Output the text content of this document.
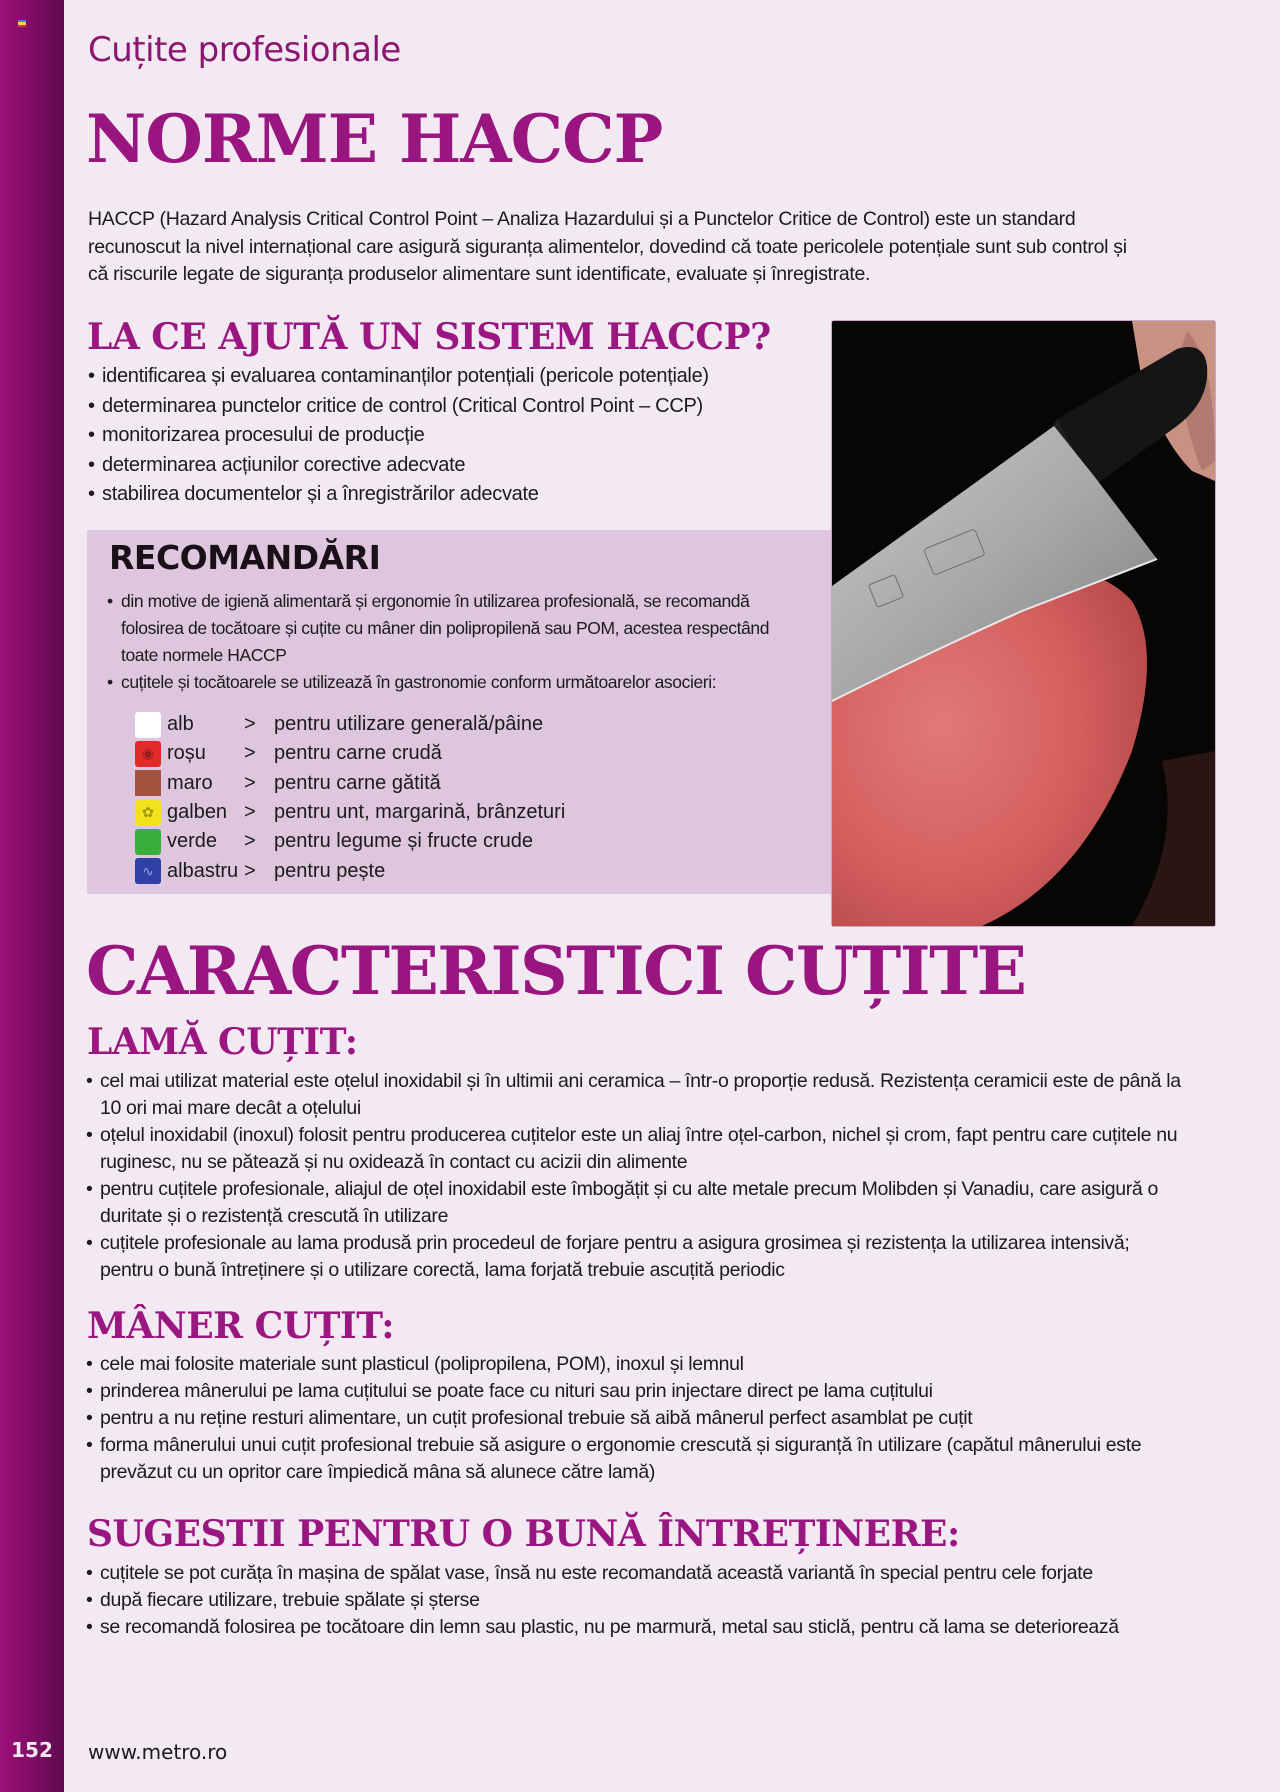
152
Cuțite profesionale
NORME HACCP

HACCP (Hazard Analysis Critical Control Point – Analiza Hazardului și a Punctelor Critice de Control) este un standard recunoscut la nivel internațional care asigură siguranța alimentelor, dovedind că toate pericolele potențiale sunt sub control și că riscurile legate de siguranța produselor alimentare sunt identificate, evaluate și înregistrate.

LA CE AJUTĂ UN SISTEM HACCP?
• identificarea și evaluarea contaminanților potențiali (pericole potențiale)
• determinarea punctelor critice de control (Critical Control Point – CCP)
• monitorizarea procesului de producție
• determinarea acțiunilor corective adecvate
• stabilirea documentelor și a înregistrărilor adecvate
RECOMANDĂRI
• din motive de igienă alimentară și ergonomie în utilizarea profesională, se recomandă folosirea de tocătoare și cuțite cu mâner din polipropilenă sau POM, acestea respectând toate normele HACCP
• cuțitele și tocătoarele se utilizează în gastronomie conform următoarelor asocieri:
alb	> pentru utilizare generală/pâine
◉ roșu	> pentru carne crudă
maro	> pentru carne gătită
✿ galben > pentru unt, margarină, brânzeturi

verde	> pentru legume și fructe crude
∿ albastru > pentru pește
CARACTERISTICI CUȚITE
LAMĂ CUȚIT:
• cel mai utilizat material este oțelul inoxidabil și în ultimii ani ceramica – într-o proporție redusă. Rezistența ceramicii este de până la 10 ori mai mare decât a oțelului
• oțelul inoxidabil (inoxul) folosit pentru producerea cuțitelor este un aliaj între oțel-carbon, nichel și crom, fapt pentru care cuțitele nu ruginesc, nu se pătează și nu oxidează în contact cu acizii din alimente
• pentru cuțitele profesionale, aliajul de oțel inoxidabil este îmbogățit și cu alte metale precum Molibden și Vanadiu, care asigură o duritate și o rezistență crescută în utilizare
• cuțitele profesionale au lama produsă prin procedeul de forjare pentru a asigura grosimea și rezistența la utilizarea intensivă; pentru o bună întreținere și o utilizare corectă, lama forjată trebuie ascuțită periodic
MÂNER CUȚIT:
• cele mai folosite materiale sunt plasticul (polipropilena, POM), inoxul și lemnul
• prinderea mânerului pe lama cuțitului se poate face cu nituri sau prin injectare direct pe lama cuțitului
• pentru a nu reține resturi alimentare, un cuțit profesional trebuie să aibă mânerul perfect asamblat pe cuțit
• forma mânerului unui cuțit profesional trebuie să asigure o ergonomie crescută și siguranță în utilizare (capătul mânerului este prevăzut cu un opritor care împiedică mâna să alunece către lamă)
SUGESTII PENTRU O BUNĂ ÎNTREȚINERE:
• cuțitele se pot curăța în mașina de spălat vase, însă nu este recomandată această variantă în special pentru cele forjate
• după fiecare utilizare, trebuie spălate și șterse
• se recomandă folosirea pe tocătoare din lemn sau plastic, nu pe marmură, metal sau sticlă, pentru că lama se deteriorează
www.metro.ro
